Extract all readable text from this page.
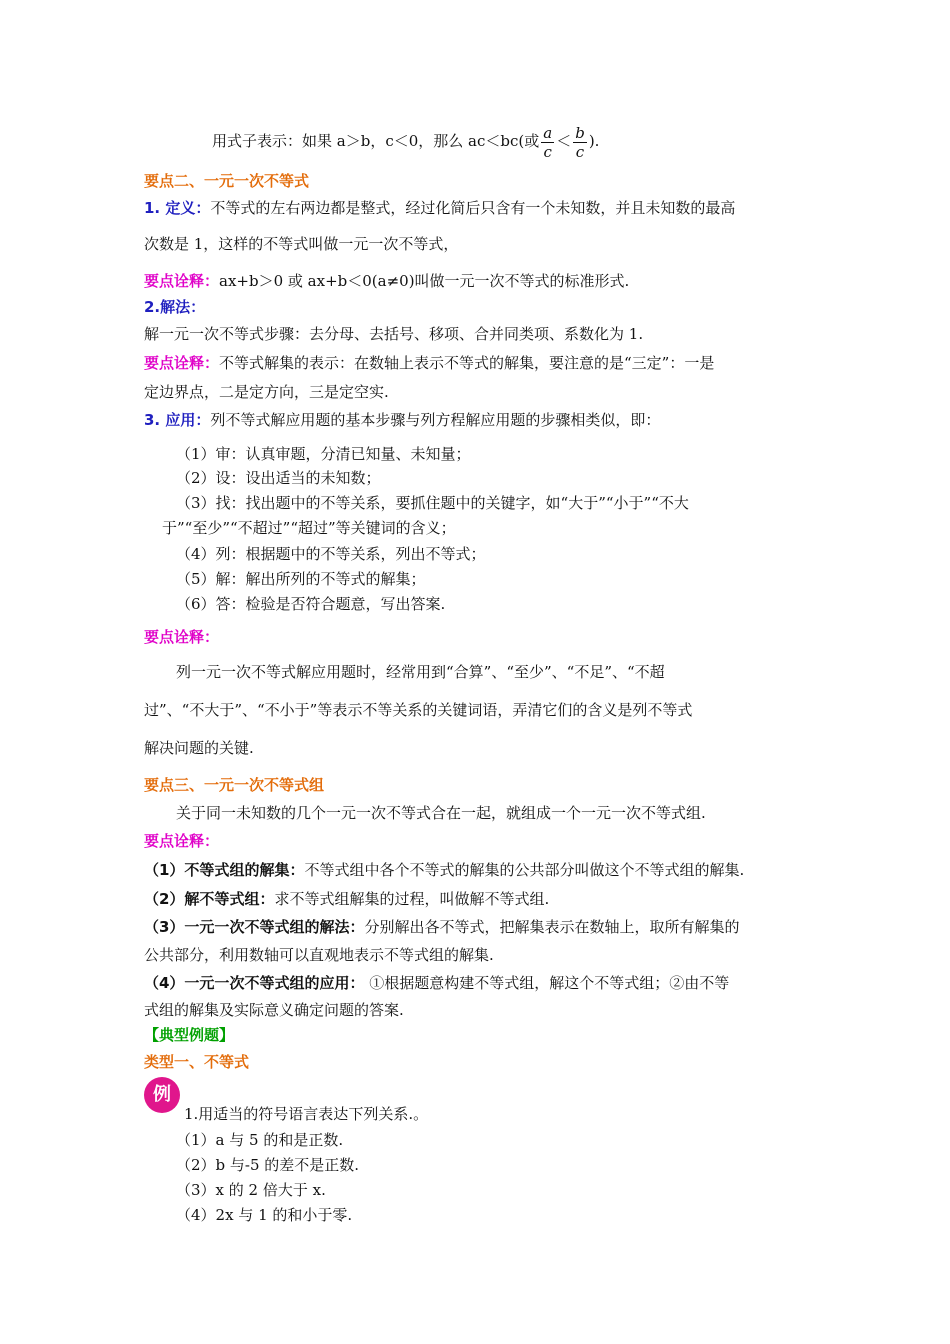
用式子表示：如果 a＞b，c＜0，那么 ac＜bc(或 $\frac{a}{c} < \frac{b}{c}$ ).
要点二、一元一次不等式
1. 定义：不等式的左右两边都是整式，经过化简后只含有一个未知数，并且未知数的最高
次数是 1，这样的不等式叫做一元一次不等式，
要点诠释：ax+b＞0 或 ax+b＜0(a≠0)叫做一元一次不等式的标准形式.
2.解法：
解一元一次不等式步骤：去分母、去括号、移项、合并同类项、系数化为 1.
要点诠释：不等式解集的表示：在数轴上表示不等式的解集，要注意的是“三定”：一是
定边界点，二是定方向，三是定空实.
3. 应用：列不等式解应用题的基本步骤与列方程解应用题的步骤相类似，即：
（1）审：认真审题，分清已知量、未知量；
（2）设：设出适当的未知数；
（3）找：找出题中的不等关系，要抓住题中的关键字，如“大于”“小于”“不大
于”“至少”“不超过”“超过”等关键词的含义；
（4）列：根据题中的不等关系，列出不等式；
（5）解：解出所列的不等式的解集；
（6）答：检验是否符合题意，写出答案.
要点诠释：
列一元一次不等式解应用题时，经常用到“合算”、“至少”、“不足”、“不超
过”、“不大于”、“不小于”等表示不等关系的关键词语，弄清它们的含义是列不等式
解决问题的关键.
要点三、一元一次不等式组
关于同一未知数的几个一元一次不等式合在一起，就组成一个一元一次不等式组.
要点诠释：
（1）不等式组的解集：不等式组中各个不等式的解集的公共部分叫做这个不等式组的解集.
（2）解不等式组：求不等式组解集的过程，叫做解不等式组.
（3）一元一次不等式组的解法：分别解出各不等式，把解集表示在数轴上，取所有解集的
公共部分，利用数轴可以直观地表示不等式组的解集.
（4）一元一次不等式组的应用： ①根据题意构建不等式组，解这个不等式组；②由不等
式组的解集及实际意义确定问题的答案.
【典型例题】
类型一、不等式
例
1.用适当的符号语言表达下列关系.。
（1）a 与 5 的和是正数.
（2）b 与-5 的差不是正数.
（3）x 的 2 倍大于 x.
（4）2x 与 1 的和小于零.
